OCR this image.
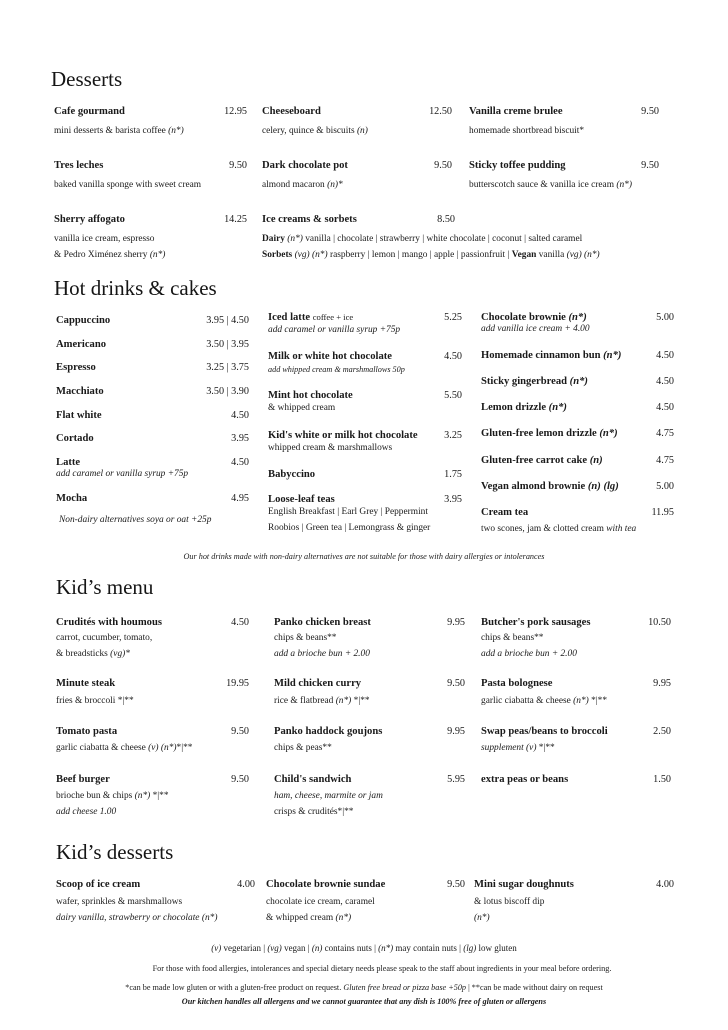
Desserts
Cafe gourmand	12.95
mini desserts & barista coffee (n*)
Cheeseboard	12.50
celery, quince & biscuits (n)
Vanilla creme brulee	9.50
homemade shortbread biscuit*
Tres leches	9.50
baked vanilla sponge with sweet cream
Dark chocolate pot	9.50
almond macaron (n)*
Sticky toffee pudding	9.50
butterscotch sauce & vanilla ice cream (n*)
Sherry affogato	14.25
vanilla ice cream, espresso
& Pedro Ximénez sherry (n*)
Ice creams & sorbets	8.50
Dairy (n*) vanilla | chocolate | strawberry | white chocolate | coconut | salted caramel
Sorbets (vg) (n*) raspberry | lemon | mango | apple | passionfruit | Vegan vanilla (vg) (n*)
Hot drinks & cakes
Cappuccino	3.95 | 4.50
Americano	3.50 | 3.95
Espresso	3.25 | 3.75
Macchiato	3.50 | 3.90
Flat white	4.50
Cortado	3.95
Latte	4.50
add caramel or vanilla syrup +75p
Mocha	4.95
Non-dairy alternatives soya or oat +25p
Iced latte coffee + ice	5.25
add caramel or vanilla syrup +75p
Milk or white hot chocolate	4.50
add whipped cream & marshmallows 50p
Mint hot chocolate	5.50
& whipped cream
Kid's white or milk hot chocolate	3.25
whipped cream & marshmallows
Babyccino	1.75
Loose-leaf teas	3.95
English Breakfast | Earl Grey | Peppermint
Roobios | Green tea | Lemongrass & ginger
Chocolate brownie (n*)	5.00
add vanilla ice cream + 4.00
Homemade cinnamon bun (n*)	4.50
Sticky gingerbread (n*)	4.50
Lemon drizzle (n*)	4.50
Gluten-free lemon drizzle (n*)	4.75
Gluten-free carrot cake (n)	4.75
Vegan almond brownie (n) (lg)	5.00
Cream tea	11.95
two scones, jam & clotted cream with tea
Our hot drinks made with non-dairy alternatives are not suitable for those with dairy allergies or intolerances
Kid’s menu
Crudités with houmous	4.50
carrot, cucumber, tomato,
& breadsticks (vg)*
Panko chicken breast	9.95
chips & beans**
add a brioche bun + 2.00
Butcher's pork sausages	10.50
chips & beans**
add a brioche bun + 2.00
Minute steak	19.95
fries & broccoli *|**
Mild chicken curry	9.50
rice & flatbread (n*) *|**
Pasta bolognese	9.95
garlic ciabatta & cheese (n*) *|**
Tomato pasta	9.50
garlic ciabatta & cheese (v) (n*)*|**
Panko haddock goujons	9.95
chips & peas**
Swap peas/beans to broccoli	2.50
supplement (v) *|**
Beef burger	9.50
brioche bun & chips (n*) *|**
add cheese 1.00
Child's sandwich	5.95
ham, cheese, marmite or jam
crisps & crudités*|**
extra peas or beans	1.50
Kid’s desserts
Scoop of ice cream	4.00
wafer, sprinkles & marshmallows
dairy vanilla, strawberry or chocolate (n*)
Chocolate brownie sundae	9.50
chocolate ice cream, caramel
& whipped cream (n*)
Mini sugar doughnuts	4.00
& lotus biscoff dip
(n*)
(v) vegetarian | (vg) vegan | (n) contains nuts | (n*) may contain nuts | (lg) low gluten
For those with food allergies, intolerances and special dietary needs please speak to the staff about ingredients in your meal before ordering.
*can be made low gluten or with a gluten-free product on request. Gluten free bread or pizza base +50p | **can be made without dairy on request
Our kitchen handles all allergens and we cannot guarantee that any dish is 100% free of gluten or allergens
